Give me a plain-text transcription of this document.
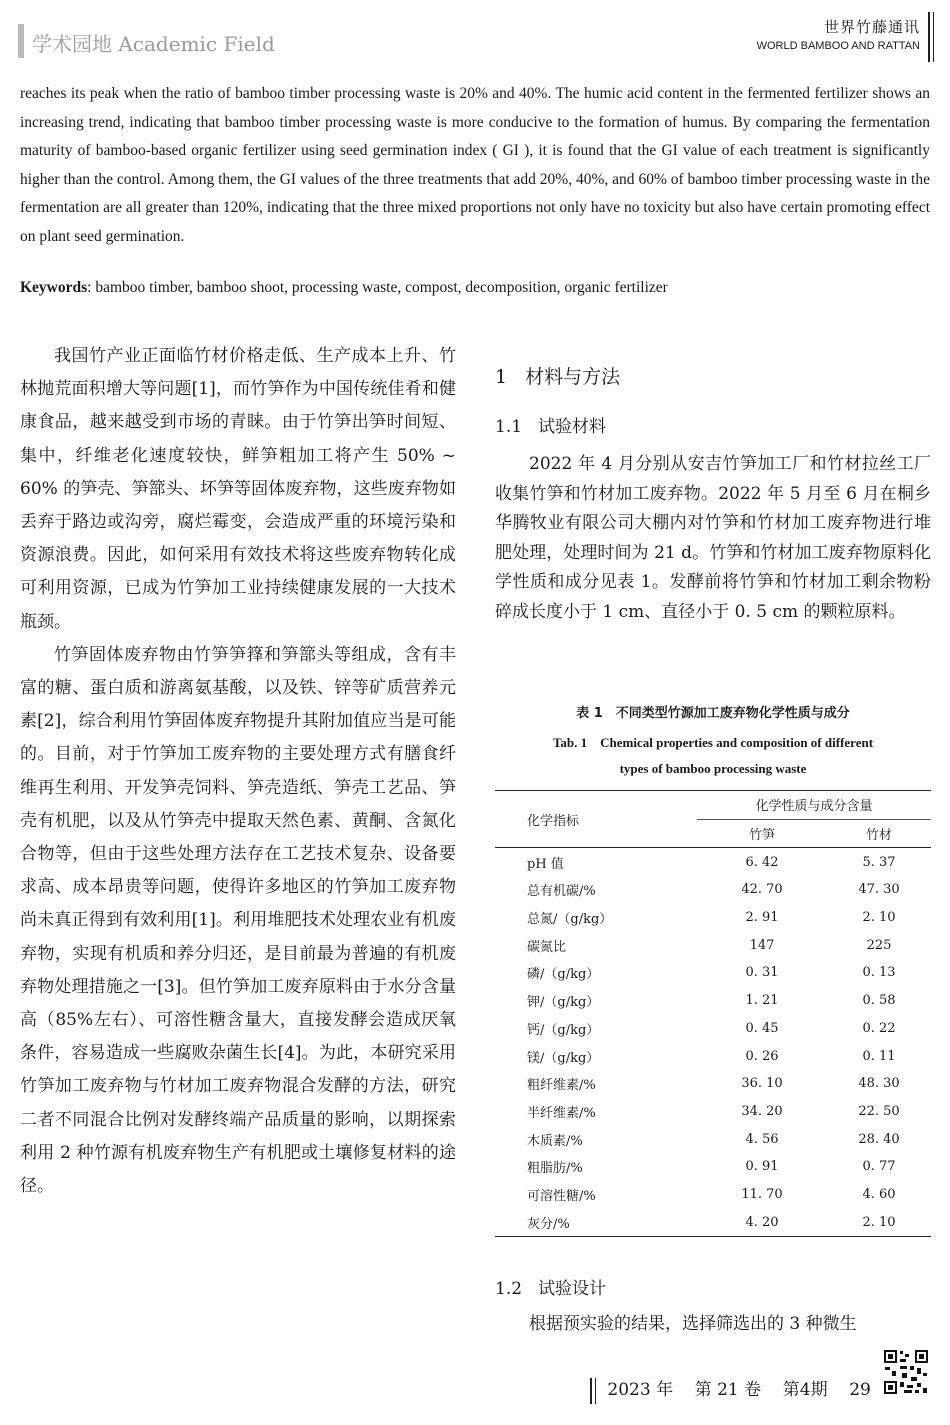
学术园地 Academic Field
世界竹藤通讯
WORLD BAMBOO AND RATTAN
reaches its peak when the ratio of bamboo timber processing waste is 20% and 40%. The humic acid content in the fermented fertilizer shows an increasing trend, indicating that bamboo timber processing waste is more conducive to the formation of humus. By comparing the fermentation maturity of bamboo-based organic fertilizer using seed germination index ( GI ), it is found that the GI value of each treatment is significantly higher than the control. Among them, the GI values of the three treatments that add 20%, 40%, and 60% of bamboo timber processing waste in the fermentation are all greater than 120%, indicating that the three mixed proportions not only have no toxicity but also have certain promoting effect on plant seed germination.
Keywords: bamboo timber, bamboo shoot, processing waste, compost, decomposition, organic fertilizer

我国竹产业正面临竹材价格走低、生产成本上升、竹林抛荒面积增大等问题[1]，而竹笋作为中国传统佳肴和健康食品，越来越受到市场的青睐。由于竹笋出笋时间短、集中，纤维老化速度较快，鲜笋粗加工将产生 50% ~ 60% 的笋壳、笋篰头、坏笋等固体废弃物，这些废弃物如丢弃于路边或沟旁，腐烂霉变，会造成严重的环境污染和资源浪费。因此，如何采用有效技术将这些废弃物转化成可利用资源，已成为竹笋加工业持续健康发展的一大技术瓶颈。

竹笋固体废弃物由竹笋笋箨和笋篰头等组成，含有丰富的糖、蛋白质和游离氨基酸，以及铁、锌等矿质营养元素[2]，综合利用竹笋固体废弃物提升其附加值应当是可能的。目前，对于竹笋加工废弃物的主要处理方式有膳食纤维再生利用、开发笋壳饲料、笋壳造纸、笋壳工艺品、笋壳有机肥，以及从竹笋壳中提取天然色素、黄酮、含氮化合物等，但由于这些处理方法存在工艺技术复杂、设备要求高、成本昂贵等问题，使得许多地区的竹笋加工废弃物尚未真正得到有效利用[1]。利用堆肥技术处理农业有机废弃物，实现有机质和养分归还，是目前最为普遍的有机废弃物处理措施之一[3]。但竹笋加工废弃原料由于水分含量高（85%左右）、可溶性糖含量大，直接发酵会造成厌氧条件，容易造成一些腐败杂菌生长[4]。为此，本研究采用竹笋加工废弃物与竹材加工废弃物混合发酵的方法，研究二者不同混合比例对发酵终端产品质量的影响，以期探索利用 2 种竹源有机废弃物生产有机肥或土壤修复材料的途径。

1 材料与方法
1.1 试验材料

2022 年 4 月分别从安吉竹笋加工厂和竹材拉丝工厂收集竹笋和竹材加工废弃物。2022 年 5 月至 6 月在桐乡华腾牧业有限公司大棚内对竹笋和竹材加工废弃物进行堆肥处理，处理时间为 21 d。竹笋和竹材加工废弃物原料化学性质和成分见表 1。发酵前将竹笋和竹材加工剩余物粉碎成长度小于 1 cm、直径小于 0. 5 cm 的颗粒原料。

表 1　不同类型竹源加工废弃物化学性质与成分
Tab. 1　Chemical properties and composition of different
types of bamboo processing waste
化学指标	化学性质与成分含量	
	竹笋	竹材
pH 值	6. 42	5. 37
总有机碳/%	42. 70	47. 30
总氮/（g/kg）	2. 91	2. 10
碳氮比	147	225
磷/（g/kg）	0. 31	0. 13
钾/（g/kg）	1. 21	0. 58
钙/（g/kg）	0. 45	0. 22
镁/（g/kg）	0. 26	0. 11
粗纤维素/%	36. 10	48. 30
半纤维素/%	34. 20	22. 50
木质素/%	4. 56	28. 40
粗脂肪/%	0. 91	0. 77
可溶性糖/%	11. 70	4. 60
灰分/%	4. 20	2. 10
1.2 试验设计

根据预实验的结果，选择筛选出的 3 种微生

2023 年 第 21 卷 第4期 29
